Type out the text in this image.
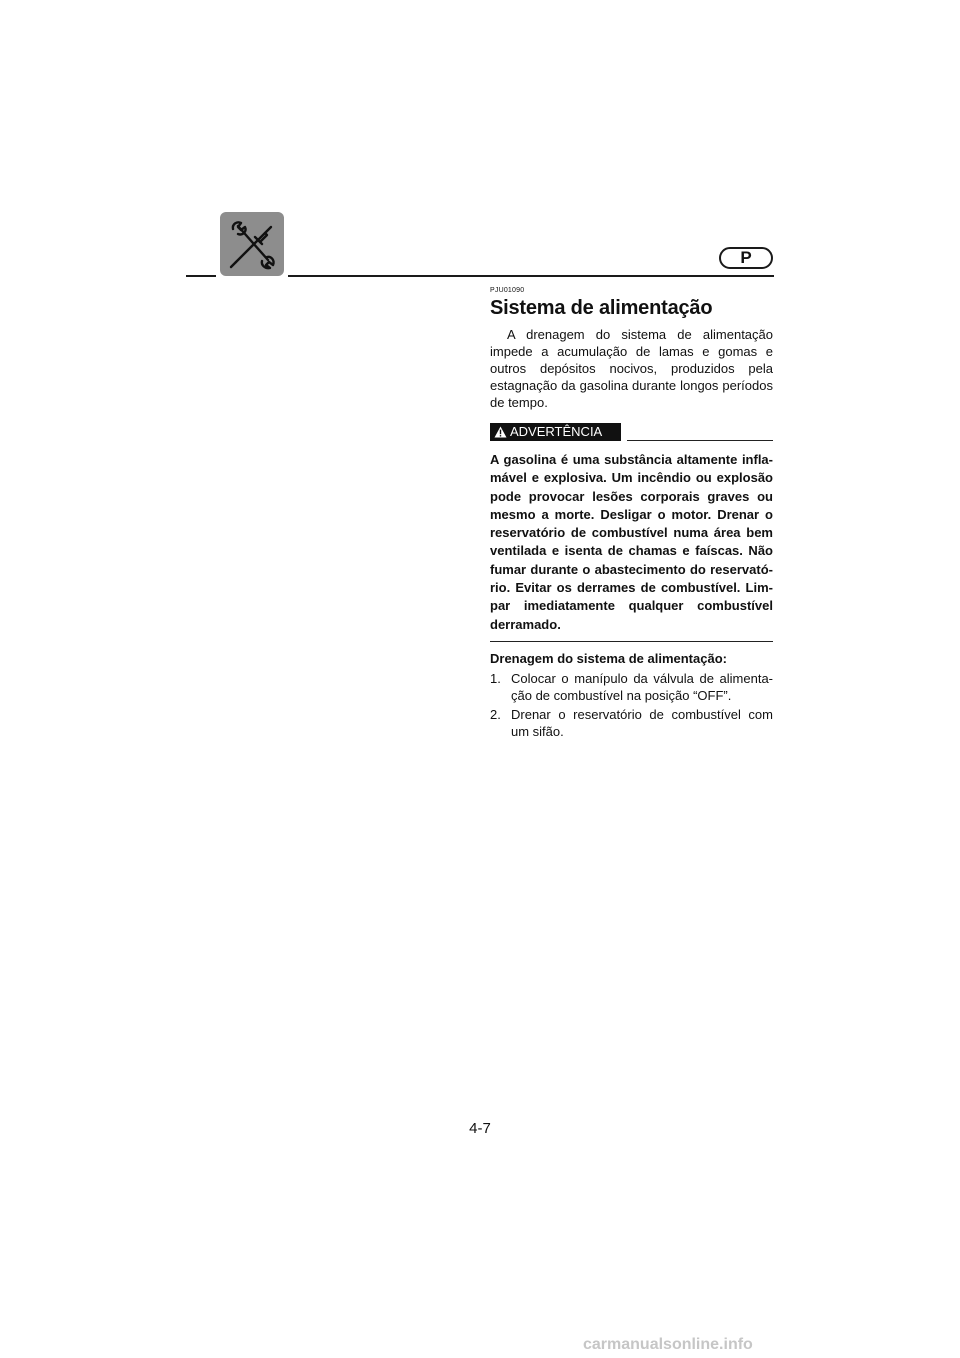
P
PJU01090
Sistema de alimentação

A drenagem do sistema de alimentação impede a acumulação de lamas e gomas e outros depósitos nocivos, produzidos pela estagnação da gasolina durante longos períodos de tempo.

ADVERTÊNCIA

A gasolina é uma substância altamente infla-mável e explosiva. Um incêndio ou explosão pode provocar lesões corporais graves ou mesmo a morte. Desligar o motor. Drenar o reservatório de combustível numa área bem ventilada e isenta de chamas e faíscas. Não fumar durante o abastecimento do reservató-rio. Evitar os derrames de combustível. Lim-par imediatamente qualquer combustível derramado.

Drenagem do sistema de alimentação:
1. Colocar o manípulo da válvula de alimenta-ção de combustível na posição “OFF”.
2. Drenar o reservatório de combustível com um sifão.
4-7
carmanualsonline.info
